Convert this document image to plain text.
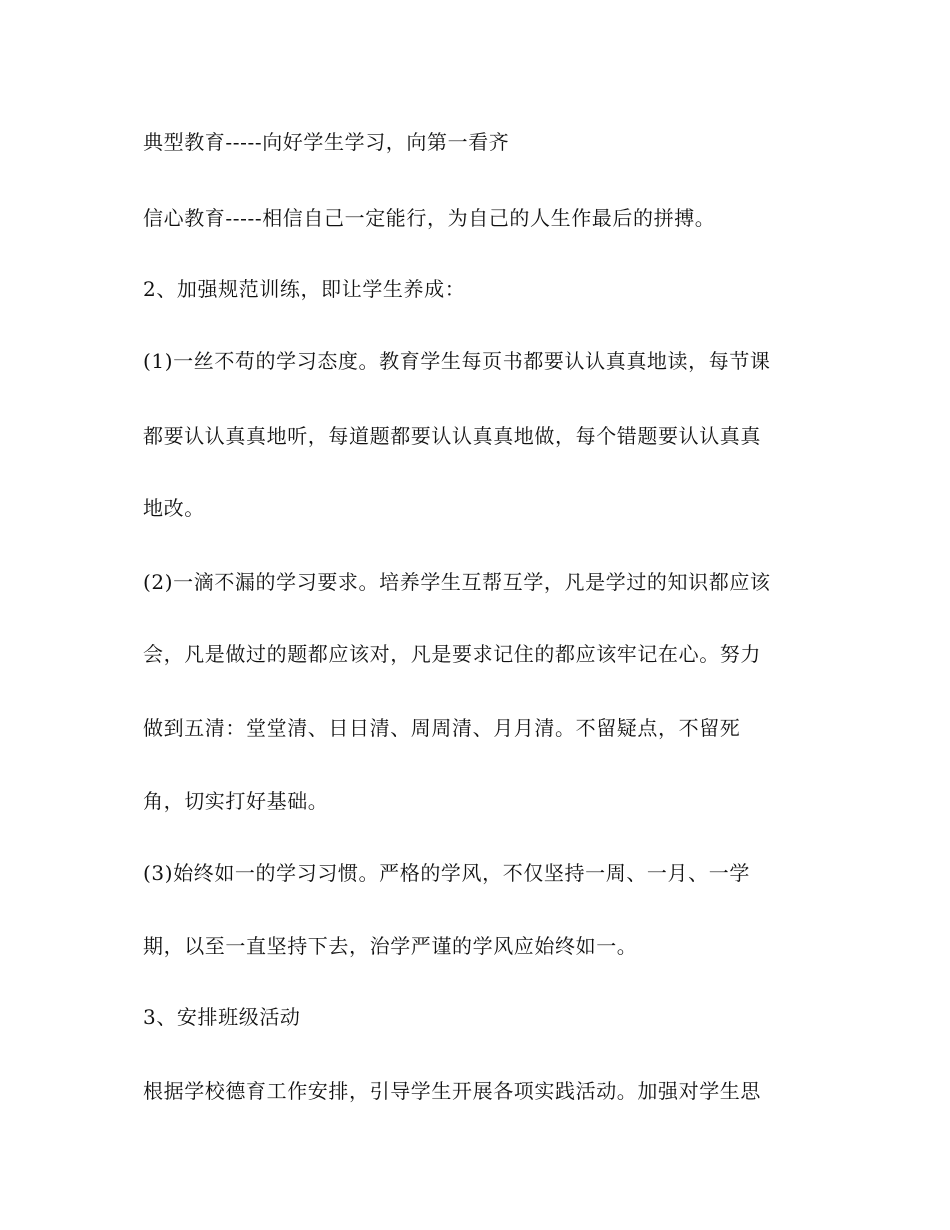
典型教育-----向好学生学习，向第一看齐
信心教育-----相信自己一定能行，为自己的人生作最后的拼搏。
2、加强规范训练，即让学生养成：
(1)一丝不苟的学习态度。教育学生每页书都要认认真真地读，每节课
都要认认真真地听，每道题都要认认真真地做，每个错题要认认真真
地改。
(2)一滴不漏的学习要求。培养学生互帮互学，凡是学过的知识都应该
会，凡是做过的题都应该对，凡是要求记住的都应该牢记在心。努力
做到五清：堂堂清、日日清、周周清、月月清。不留疑点，不留死
角，切实打好基础。
(3)始终如一的学习习惯。严格的学风，不仅坚持一周、一月、一学
期，以至一直坚持下去，治学严谨的学风应始终如一。
3、安排班级活动
根据学校德育工作安排，引导学生开展各项实践活动。加强对学生思
